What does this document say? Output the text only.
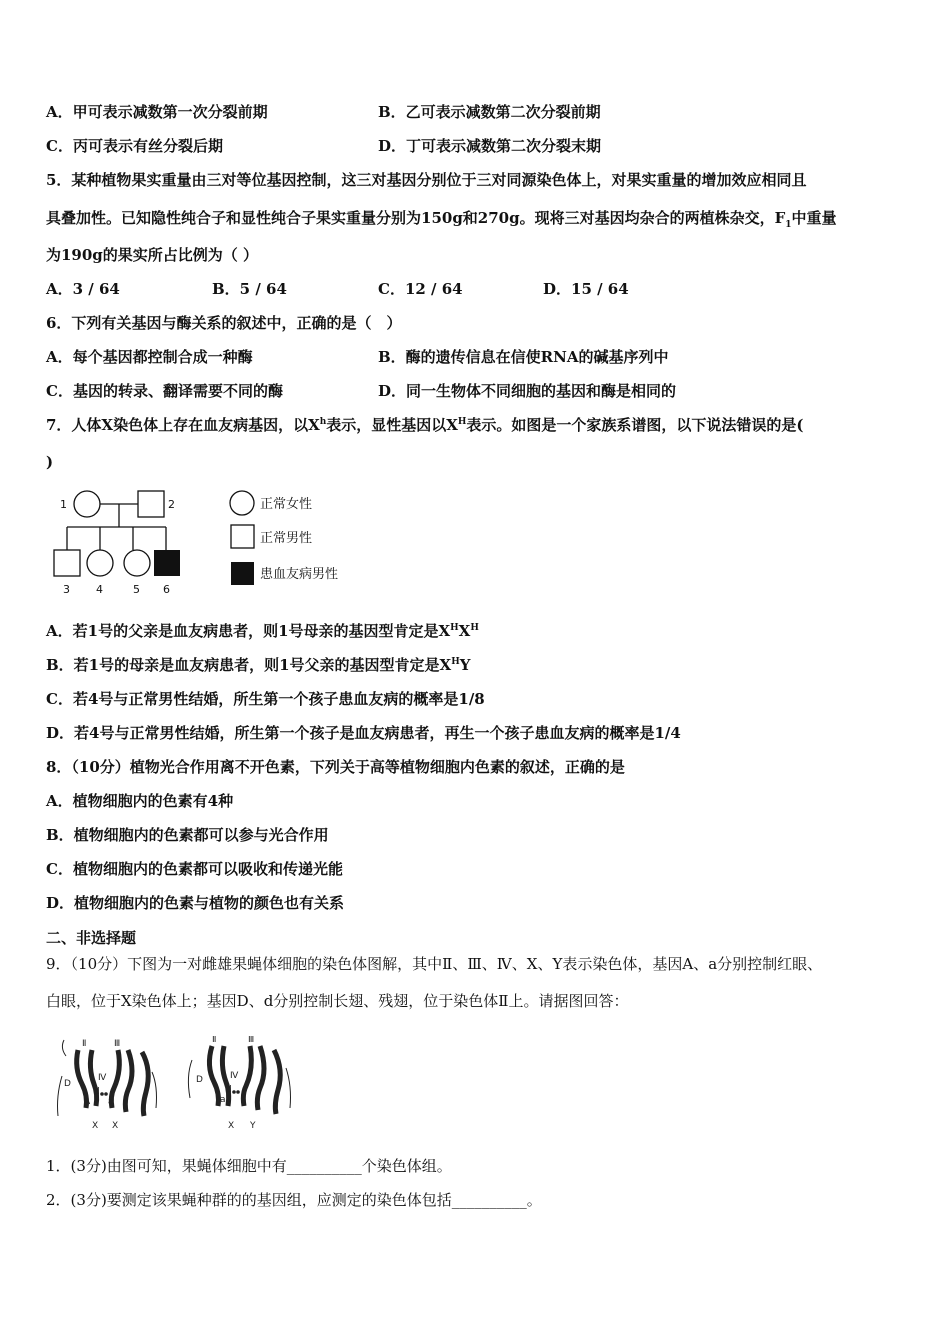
A．甲可表示减数第一次分裂前期	B．乙可表示减数第二次分裂前期
C．丙可表示有丝分裂后期	D．丁可表示减数第二次分裂末期
5．某种植物果实重量由三对等位基因控制，这三对基因分别位于三对同源染色体上，对果实重量的增加效应相同且
具叠加性。已知隐性纯合子和显性纯合子果实重量分别为150g和270g。现将三对基因均杂合的两植株杂交，$F_1$中重量
为190g的果实所占比例为（ ）
A．3 / 64	B．5 / 64	C．12 / 64	D．15 / 64
6．下列有关基因与酶关系的叙述中，正确的是（　）
A．每个基因都控制合成一种酶	B．酶的遗传信息在信使RNA的碱基序列中
C．基因的转录、翻译需要不同的酶	D．同一生物体不同细胞的基因和酶是相同的
7．人体X染色体上存在血友病基因，以$X^h$表示，显性基因以$X^H$表示。如图是一个家族系谱图，以下说法错误的是(
)
1	2
3 4	5 6
正常女性
正常男性
患血友病男性
A．若1号的父亲是血友病患者，则1号母亲的基因型肯定是$X^HX^H$
B．若1号的母亲是血友病患者，则1号父亲的基因型肯定是$X^HY$
C．若4号与正常男性结婚，所生第一个孩子患血友病的概率是1/8
D．若4号与正常男性结婚，所生第一个孩子是血友病患者，再生一个孩子患血友病的概率是1/4
8．（10分）植物光合作用离不开色素，下列关于高等植物细胞内色素的叙述，正确的是
A．植物细胞内的色素有4种
B．植物细胞内的色素都可以参与光合作用
C．植物细胞内的色素都可以吸收和传递光能
D．植物细胞内的色素与植物的颜色也有关系
二、非选择题
9．（10分）下图为一对雌雄果蝇体细胞的染色体图解，其中Ⅱ、Ⅲ、Ⅳ、X、Y表示染色体，基因A、a分别控制红眼、
白眼，位于X染色体上；基因D、d分别控制长翅、残翅，位于染色体Ⅱ上。请据图回答：
Ⅱ	Ⅲ
Ⅳ
D
d
A a
X X
Ⅱ	Ⅲ
Ⅳ
D
d
a
X Y
1．(3分)由图可知，果蝇体细胞中有__________个染色体组。
2．(3分)要测定该果蝇种群的的基因组，应测定的染色体包括__________。
